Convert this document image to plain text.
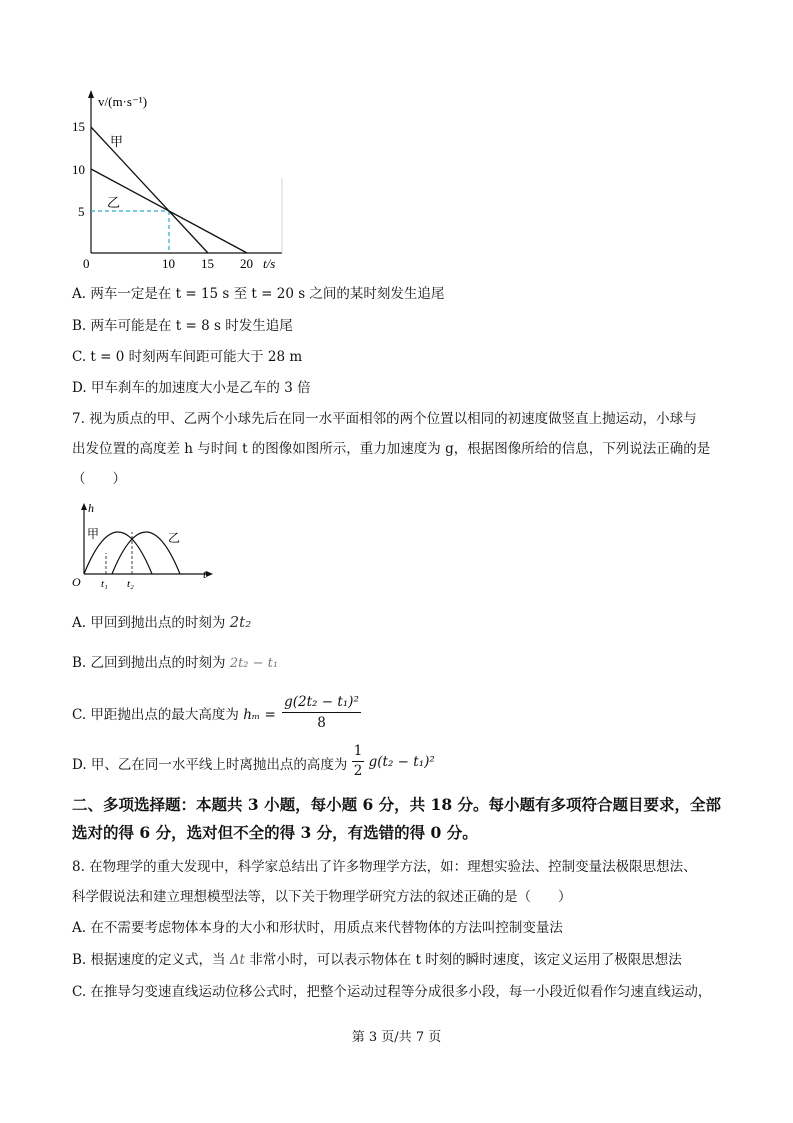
v/(m·s⁻¹)
t/s
0
15
10
5
10 15 20
甲
乙
A. 两车一定是在 t = 15 s 至 t = 20 s 之间的某时刻发生追尾
B. 两车可能是在 t = 8 s 时发生追尾
C. t = 0 时刻两车间距可能大于 28 m
D. 甲车刹车的加速度大小是乙车的 3 倍
7. 视为质点的甲、乙两个小球先后在同一水平面相邻的两个位置以相同的初速度做竖直上抛运动，小球与
出发位置的高度差 h 与时间 t 的图像如图所示，重力加速度为 g，根据图像所给的信息，下列说法正确的是
（　　）
h
t
O t₁ t₂
甲	乙
A. 甲回到抛出点的时刻为 2t₂
B. 乙回到抛出点的时刻为 2t₂ − t₁
C. 甲距抛出点的最大高度为 $h_m = \frac{\text{g(2t₂ − t₁)²}}{8}$
D. 甲、乙在同一水平线上时离抛出点的高度为 $\frac{1}{2} g(t_2 - t_1)^2$
二、多项选择题：本题共 3 小题，每小题 6 分，共 18 分。每小题有多项符合题目要求，全部
选对的得 6 分，选对但不全的得 3 分，有选错的得 0 分。
8. 在物理学的重大发现中，科学家总结出了许多物理学方法，如：理想实验法、控制变量法极限思想法、
科学假说法和建立理想模型法等，以下关于物理学研究方法的叙述正确的是（　　）
A. 在不需要考虑物体本身的大小和形状时，用质点来代替物体的方法叫控制变量法
B. 根据速度的定义式，当 Δt 非常小时，可以表示物体在 t 时刻的瞬时速度，该定义运用了极限思想法
C. 在推导匀变速直线运动位移公式时，把整个运动过程等分成很多小段，每一小段近似看作匀速直线运动，
第 3 页/共 7 页
